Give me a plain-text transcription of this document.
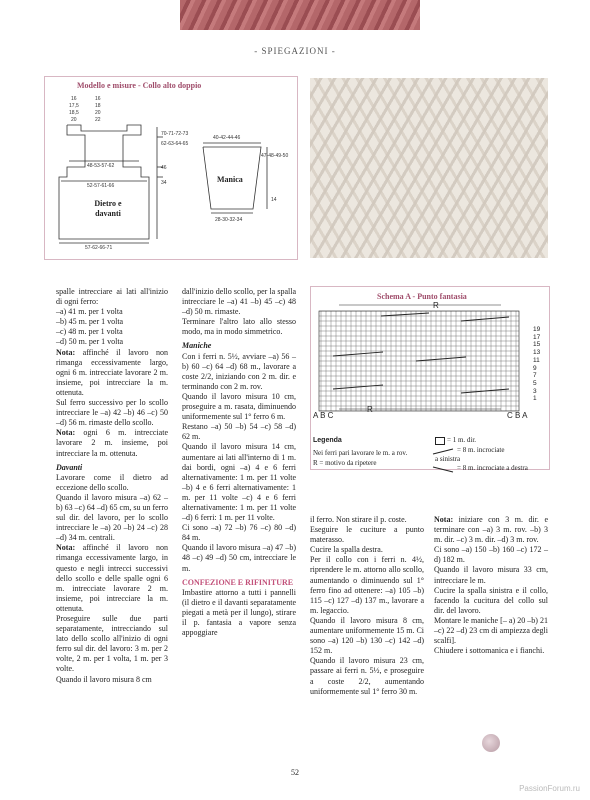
- SPIEGAZIONI -
Modello e misure - Collo alto doppio
16	16
17,5	18
18,5	20
20	22
70-71-72-73
62-63-64-65
46
34
48-53-57-62
52-57-61-66
Dietro e davanti
57-62-66-71
40-42-44-46
47-48-49-50
Manica
14
28-30-32-34
Schema A - Punto fantasia
R
R
A B C	C B A
19
17
15
13
11
9
7
5
3
1
Legenda
Nei ferri pari lavorare le m. a rov.
R = motivo da ripetere
= 1 m. dir.
= 8 m. incrociate
a sinistra
= 8 m. incrociate a destra

spalle intrecciare ai lati all'inizio di ogni ferro:

–a) 41 m. per 1 volta

–b) 45 m. per 1 volta

–c) 48 m. per 1 volta

–d) 50 m. per 1 volta

Nota: affinché il lavoro non rimanga eccessivamente largo, ogni 6 m. intrecciate lavorare 2 m. insieme, poi intrecciare la m. ottenuta.

Sul ferro successivo per lo scollo intrecciare le –a) 42 –b) 46 –c) 50 –d) 56 m. rimaste dello scollo.

Nota: ogni 6 m. intrecciate lavorare 2 m. insieme, poi intrecciare la m. ottenuta.

Davanti

Lavorare come il dietro ad eccezione dello scollo.

Quando il lavoro misura –a) 62 –b) 63 –c) 64 –d) 65 cm, su un ferro sul dir. del lavoro, per lo scollo intrecciare le –a) 20 –b) 24 –c) 28 –d) 34 m. centrali.

Nota: affinché il lavoro non rimanga eccessivamente largo, in questo e negli intrecci successivi dello scollo e delle spalle ogni 6 m. intrecciate lavorare 2 m. insieme, poi intrecciare la m. ottenuta.

Proseguire sulle due parti separatamente, intrecciando sul lato dello scollo all'inizio di ogni ferro sul dir. del lavoro: 3 m. per 2 volte, 2 m. per 1 volta, 1 m. per 3 volte.

Quando il lavoro misura 8 cm

dall'inizio dello scollo, per la spalla intrecciare le –a) 41 –b) 45 –c) 48 –d) 50 m. rimaste.

Terminare l'altro lato allo stesso modo, ma in modo simmetrico.

Maniche

Con i ferri n. 5½, avviare –a) 56 –b) 60 –c) 64 –d) 68 m., lavorare a coste 2/2, iniziando con 2 m. dir. e terminando con 2 m. rov.

Quando il lavoro misura 10 cm, proseguire a m. rasata, diminuendo uniformemente sul 1° ferro 6 m.

Restano –a) 50 –b) 54 –c) 58 –d) 62 m.

Quando il lavoro misura 14 cm, aumentare ai lati all'interno di 1 m. dai bordi, ogni –a) 4 e 6 ferri alternativamente: 1 m. per 11 volte –b) 4 e 6 ferri alternativamente: 1 m. per 11 volte –c) 4 e 6 ferri alternativamente: 1 m. per 11 volte –d) 6 ferri: 1 m. per 11 volte.

Ci sono –a) 72 –b) 76 –c) 80 –d) 84 m.

Quando il lavoro misura –a) 47 –b) 48 –c) 49 –d) 50 cm, intrecciare le m.

CONFEZIONE E RIFINITURE

Imbastire attorno a tutti i pannelli (il dietro e il davanti separatamente piegati a metà per il lungo), stirare il p. fantasia a vapore senza appoggiare

il ferro. Non stirare il p. coste.

Eseguire le cuciture a punto materasso.

Cucire la spalla destra.

Per il collo con i ferri n. 4½, riprendere le m. attorno allo scollo, aumentando o diminuendo sul 1° ferro fino ad ottenere: –a) 105 –b) 115 –c) 127 –d) 137 m., lavorare a m. legaccio.

Quando il lavoro misura 8 cm, aumentare uniformemente 15 m. Ci sono –a) 120 –b) 130 –c) 142 –d) 152 m.

Quando il lavoro misura 23 cm, passare ai ferri n. 5½, e proseguire a coste 2/2, aumentando uniformemente sul 1° ferro 30 m.

Nota: iniziare con 3 m. dir. e terminare con –a) 3 m. rov. –b) 3 m. dir. –c) 3 m. dir. –d) 3 m. rov.

Ci sono –a) 150 –b) 160 –c) 172 –d) 182 m.

Quando il lavoro misura 33 cm, intrecciare le m.

Cucire la spalla sinistra e il collo, facendo la cucitura del collo sul dir. del lavoro.

Montare le maniche [– a) 20 –b) 21 –c) 22 –d) 23 cm di ampiezza degli scalfi].

Chiudere i sottomanica e i fianchi.

52
PassionForum.ru
